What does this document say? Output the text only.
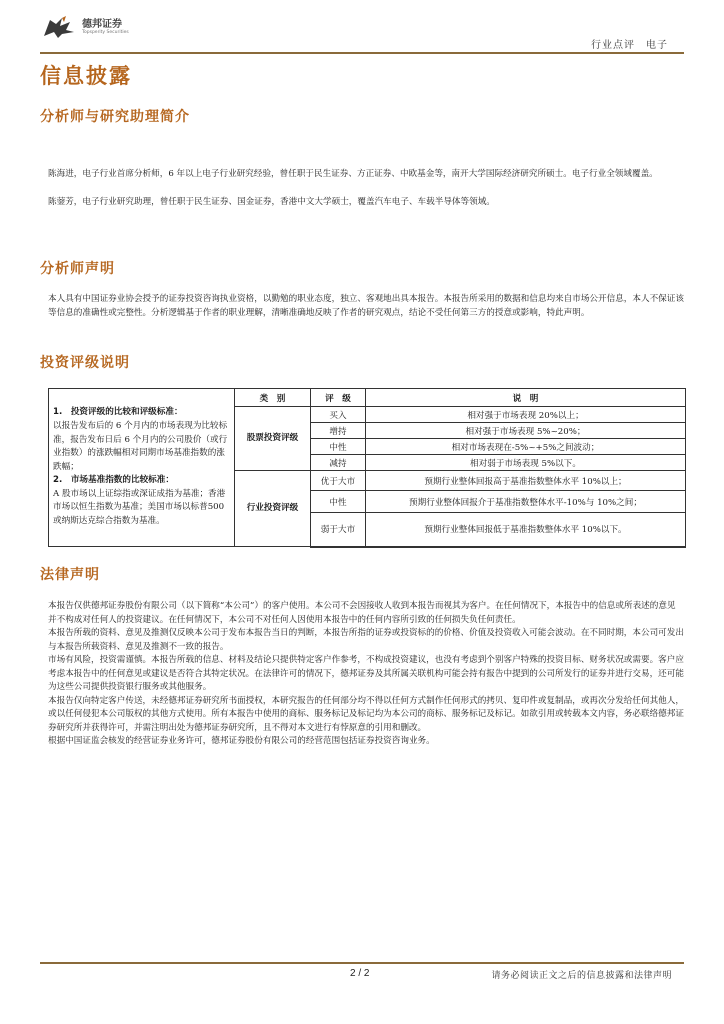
德邦证券
Topsperity Securities
行业点评　电子
信息披露
分析师与研究助理简介

陈海进，电子行业首席分析师，6 年以上电子行业研究经验，曾任职于民生证券、方正证券、中欧基金等，南开大学国际经济研究所硕士。电子行业全领域覆盖。

陈蓥芳，电子行业研究助理，曾任职于民生证券、国金证券，香港中文大学硕士，覆盖汽车电子、车载半导体等领域。

分析师声明

本人具有中国证券业协会授予的证券投资咨询执业资格，以勤勉的职业态度，独立、客观地出具本报告。本报告所采用的数据和信息均来自市场公开信息，本人不保证该等信息的准确性或完整性。分析逻辑基于作者的职业理解，清晰准确地反映了作者的研究观点，结论不受任何第三方的授意或影响，特此声明。

投资评级说明
1.　投资评级的比较和评级标准：
以报告发布后的 6 个月内的市场表现为比较标准，报告发布日后 6 个月内的公司股价（或行业指数）的涨跌幅相对同期市场基准指数的涨跌幅；
2.　市场基准指数的比较标准：
A 股市场以上证综指或深证成指为基准；香港市场以恒生指数为基准；美国市场以标普500或纳斯达克综合指数为基准。	类　别	评　级	说　明
	股票投资评级	买入	相对强于市场表现 20%以上；
		增持	相对强于市场表现 5%~20%；
		中性	相对市场表现在-5%~+5%之间波动；
		减持	相对弱于市场表现 5%以下。
	行业投资评级	优于大市	预期行业整体回报高于基准指数整体水平 10%以上；
		中性	预期行业整体回报介于基准指数整体水平-10%与 10%之间；
		弱于大市	预期行业整体回报低于基准指数整体水平 10%以下。
法律声明

本报告仅供德邦证券股份有限公司（以下简称“本公司”）的客户使用。本公司不会因接收人收到本报告而视其为客户。在任何情况下，本报告中的信息或所表述的意见并不构成对任何人的投资建议。在任何情况下，本公司不对任何人因使用本报告中的任何内容所引致的任何损失负任何责任。

本报告所载的资料、意见及推测仅反映本公司于发布本报告当日的判断，本报告所指的证券或投资标的的价格、价值及投资收入可能会波动。在不同时期，本公司可发出与本报告所载资料、意见及推测不一致的报告。

市场有风险，投资需谨慎。本报告所载的信息、材料及结论只提供特定客户作参考，不构成投资建议，也没有考虑到个别客户特殊的投资目标、财务状况或需要。客户应考虑本报告中的任何意见或建议是否符合其特定状况。在法律许可的情况下，德邦证券及其所属关联机构可能会持有报告中提到的公司所发行的证券并进行交易，还可能为这些公司提供投资银行服务或其他服务。

本报告仅向特定客户传送，未经德邦证券研究所书面授权，本研究报告的任何部分均不得以任何方式制作任何形式的拷贝、复印件或复制品，或再次分发给任何其他人，或以任何侵犯本公司版权的其他方式使用。所有本报告中使用的商标、服务标记及标记均为本公司的商标、服务标记及标记。如欲引用或转载本文内容，务必联络德邦证券研究所并获得许可，并需注明出处为德邦证券研究所，且不得对本文进行有悖原意的引用和删改。

根据中国证监会核发的经营证券业务许可，德邦证券股份有限公司的经营范围包括证券投资咨询业务。

2 / 2	请务必阅读正文之后的信息披露和法律声明
